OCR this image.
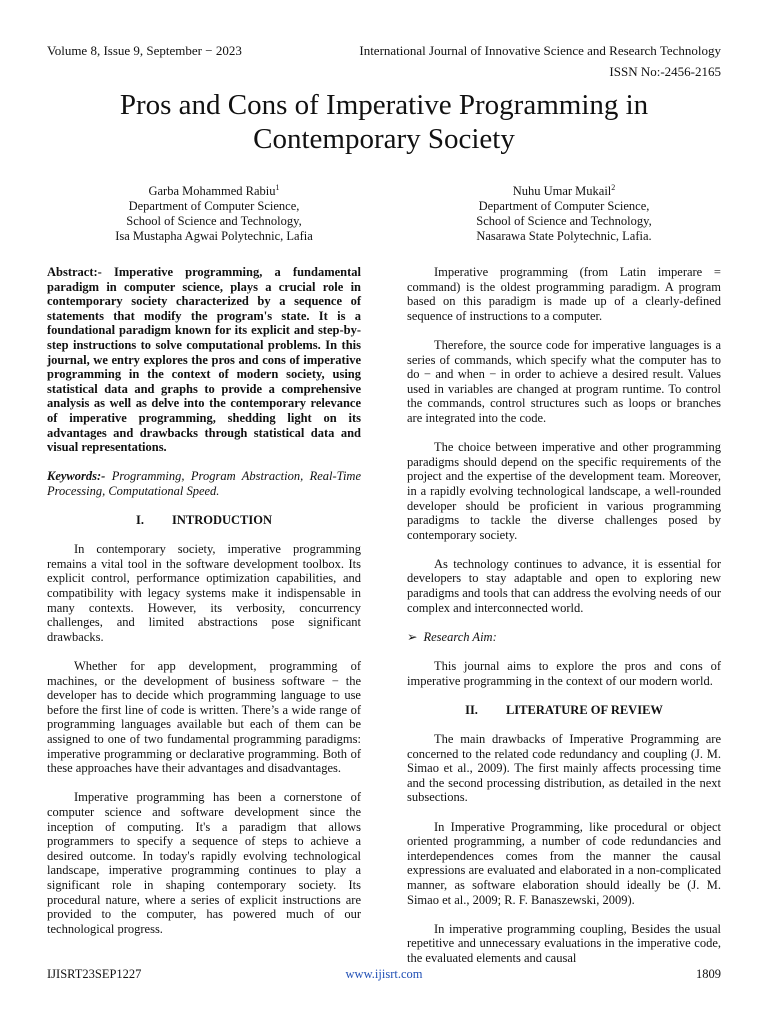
Volume 8, Issue 9, September − 2023	International Journal of Innovative Science and Research Technology
ISSN No:-2456-2165
Pros and Cons of Imperative Programming in
Contemporary Society
Garba Mohammed Rabiu$^1$
Department of Computer Science,
School of Science and Technology,
Isa Mustapha Agwai Polytechnic, Lafia
Nuhu Umar Mukail$^2$
Department of Computer Science,
School of Science and Technology,
Nasarawa State Polytechnic, Lafia.

Abstract:- Imperative programming, a fundamental paradigm in computer science, plays a crucial role in contemporary society characterized by a sequence of statements that modify the program's state. It is a foundational paradigm known for its explicit and step-by-step instructions to solve computational problems. In this journal, we entry explores the pros and cons of imperative programming in the context of modern society, using statistical data and graphs to provide a comprehensive analysis as well as delve into the contemporary relevance of imperative programming, shedding light on its advantages and drawbacks through statistical data and visual representations.

Keywords:- Programming, Program Abstraction, Real-Time Processing, Computational Speed.

I. INTRODUCTION

In contemporary society, imperative programming remains a vital tool in the software development toolbox. Its explicit control, performance optimization capabilities, and compatibility with legacy systems make it indispensable in many contexts. However, its verbosity, concurrency challenges, and limited abstractions pose significant drawbacks.

Whether for app development, programming of machines, or the development of business software − the developer has to decide which programming language to use before the first line of code is written. There’s a wide range of programming languages available but each of them can be assigned to one of two fundamental programming paradigms: imperative programming or declarative programming. Both of these approaches have their advantages and disadvantages.

Imperative programming has been a cornerstone of computer science and software development since the inception of computing. It's a paradigm that allows programmers to specify a sequence of steps to achieve a desired outcome. In today's rapidly evolving technological landscape, imperative programming continues to play a significant role in shaping contemporary society. Its procedural nature, where a series of explicit instructions are provided to the computer, has powered much of our technological progress.

Imperative programming (from Latin imperare = command) is the oldest programming paradigm. A program based on this paradigm is made up of a clearly-defined sequence of instructions to a computer.

Therefore, the source code for imperative languages is a series of commands, which specify what the computer has to do − and when − in order to achieve a desired result. Values used in variables are changed at program runtime. To control the commands, control structures such as loops or branches are integrated into the code.

The choice between imperative and other programming paradigms should depend on the specific requirements of the project and the expertise of the development team. Moreover, in a rapidly evolving technological landscape, a well-rounded developer should be proficient in various programming paradigms to tackle the diverse challenges posed by contemporary society.

As technology continues to advance, it is essential for developers to stay adaptable and open to exploring new paradigms and tools that can address the evolving needs of our complex and interconnected world.

➢ Research Aim:

This journal aims to explore the pros and cons of imperative programming in the context of our modern world.

II. LITERATURE OF REVIEW

The main drawbacks of Imperative Programming are concerned to the related code redundancy and coupling (J. M. Simao et al., 2009). The first mainly affects processing time and the second processing distribution, as detailed in the next subsections.

In Imperative Programming, like procedural or object oriented programming, a number of code redundancies and interdependences comes from the manner the causal expressions are evaluated and elaborated in a non-complicated manner, as software elaboration should ideally be (J. M. Simao et al., 2009; R. F. Banaszewski, 2009).

In imperative programming coupling, Besides the usual repetitive and unnecessary evaluations in the imperative code, the evaluated elements and causal

IJISRT23SEP1227	www.ijisrt.com	1809
